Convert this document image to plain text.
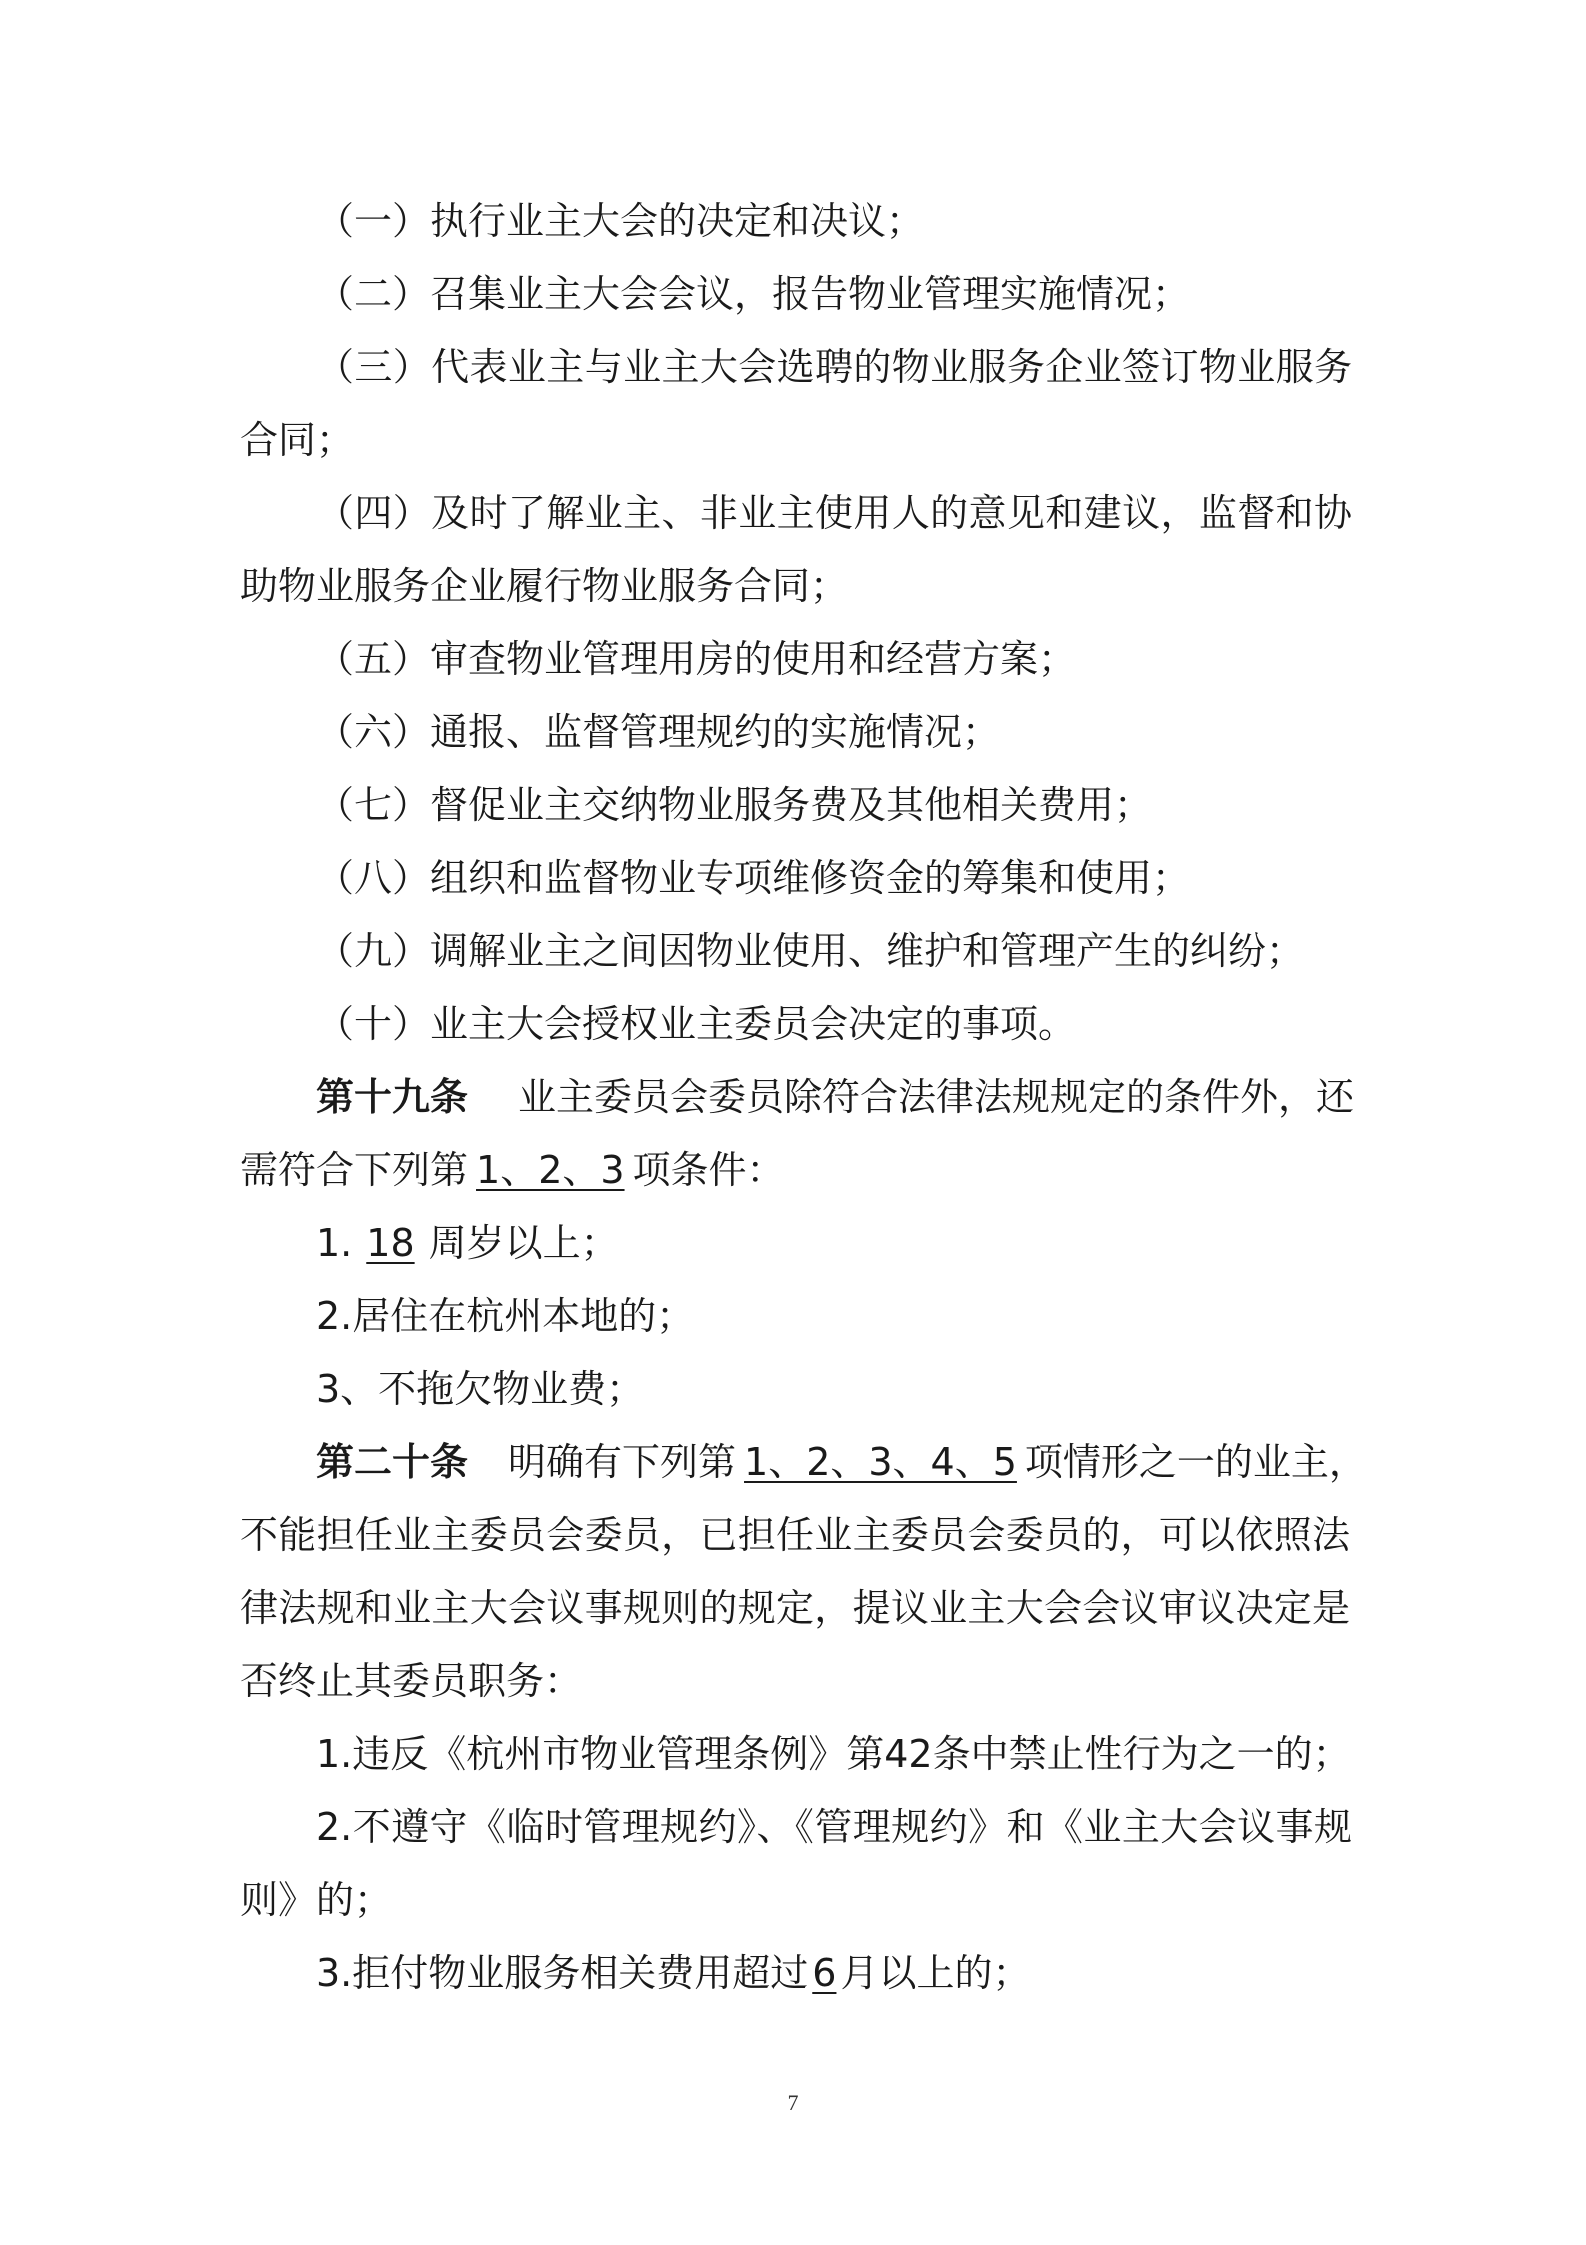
（一）执行业主大会的决定和决议；
（二）召集业主大会会议，报告物业管理实施情况；
（三）代表业主与业主大会选聘的物业服务企业签订物业服务
合同；
（四）及时了解业主、非业主使用人的意见和建议，监督和协
助物业服务企业履行物业服务合同；
（五）审查物业管理用房的使用和经营方案；
（六）通报、监督管理规约的实施情况；
（七）督促业主交纳物业服务费及其他相关费用；
（八）组织和监督物业专项维修资金的筹集和使用；
（九）调解业主之间因物业使用、维护和管理产生的纠纷；
（十）业主大会授权业主委员会决定的事项。
第十九条 业主委员会委员除符合法律法规规定的条件外，还
需符合下列第 1、2、3 项条件：
1. 18 周岁以上；
2.居住在杭州本地的；
3、不拖欠物业费；
第二十条 明确有下列第 1、2、3、4、5 项情形之一的业主，
不能担任业主委员会委员，已担任业主委员会委员的，可以依照法
律法规和业主大会议事规则的规定，提议业主大会会议审议决定是
否终止其委员职务：
1.违反《杭州市物业管理条例》第42条中禁止性行为之一的；
2.不遵守《临时管理规约》、《管理规约》和《业主大会议事规
则》的；
3.拒付物业服务相关费用超过 6 月以上的；
7
